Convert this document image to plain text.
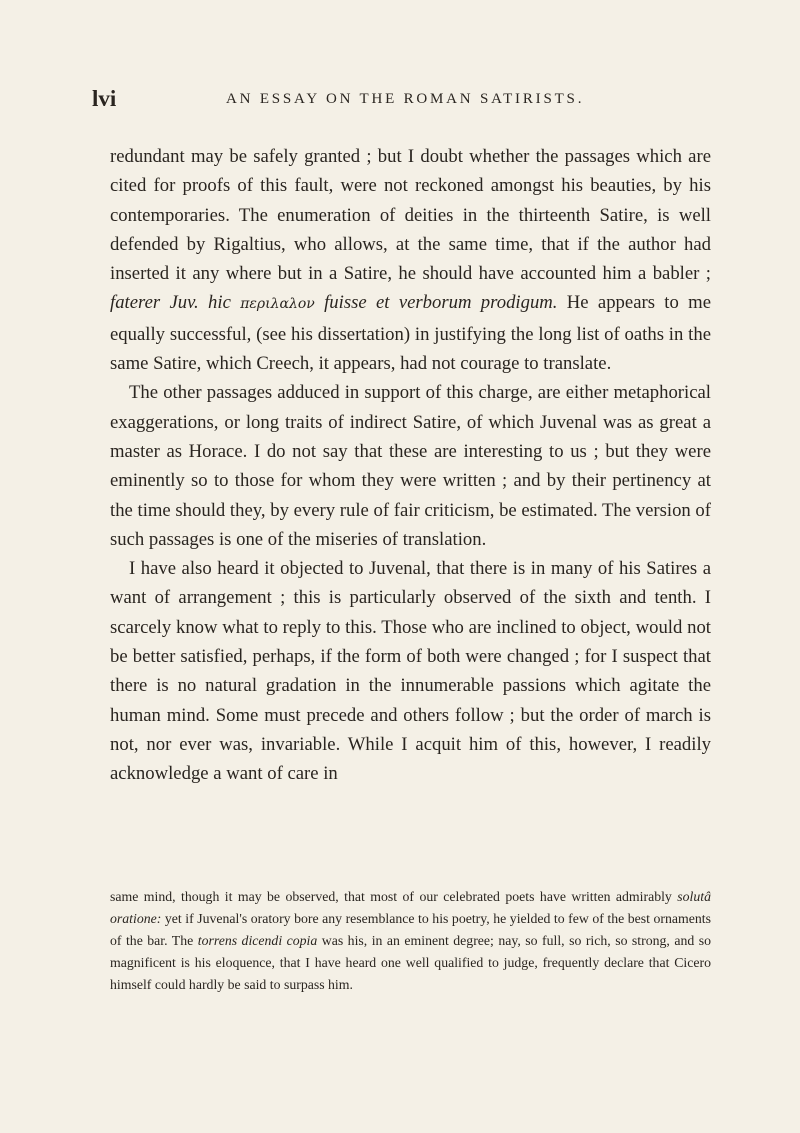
lvi	AN ESSAY ON THE ROMAN SATIRISTS.

redundant may be safely granted ; but I doubt whether the passages which are cited for proofs of this fault, were not reckoned amongst his beauties, by his contemporaries. The enumeration of deities in the thirteenth Satire, is well defended by Rigaltius, who allows, at the same time, that if the author had inserted it any where but in a Satire, he should have accounted him a babler ; faterer Juv. hic περιλαλον fuisse et verborum prodigum. He appears to me equally successful, (see his dissertation) in justifying the long list of oaths in the same Satire, which Creech, it appears, had not courage to translate.

The other passages adduced in support of this charge, are either metaphorical exaggerations, or long traits of indirect Satire, of which Juvenal was as great a master as Horace. I do not say that these are interesting to us ; but they were eminently so to those for whom they were written ; and by their pertinency at the time should they, by every rule of fair criticism, be estimated. The version of such passages is one of the miseries of translation.

I have also heard it objected to Juvenal, that there is in many of his Satires a want of arrangement ; this is particularly observed of the sixth and tenth. I scarcely know what to reply to this. Those who are inclined to object, would not be better satisfied, perhaps, if the form of both were changed ; for I suspect that there is no natural gradation in the innumerable passions which agitate the human mind. Some must precede and others follow ; but the order of march is not, nor ever was, invariable. While I acquit him of this, however, I readily acknowledge a want of care in

same mind, though it may be observed, that most of our celebrated poets have written admirably solutâ oratione: yet if Juvenal's oratory bore any resemblance to his poetry, he yielded to few of the best ornaments of the bar. The torrens dicendi copia was his, in an eminent degree; nay, so full, so rich, so strong, and so magnificent is his eloquence, that I have heard one well qualified to judge, frequently declare that Cicero himself could hardly be said to surpass him.
